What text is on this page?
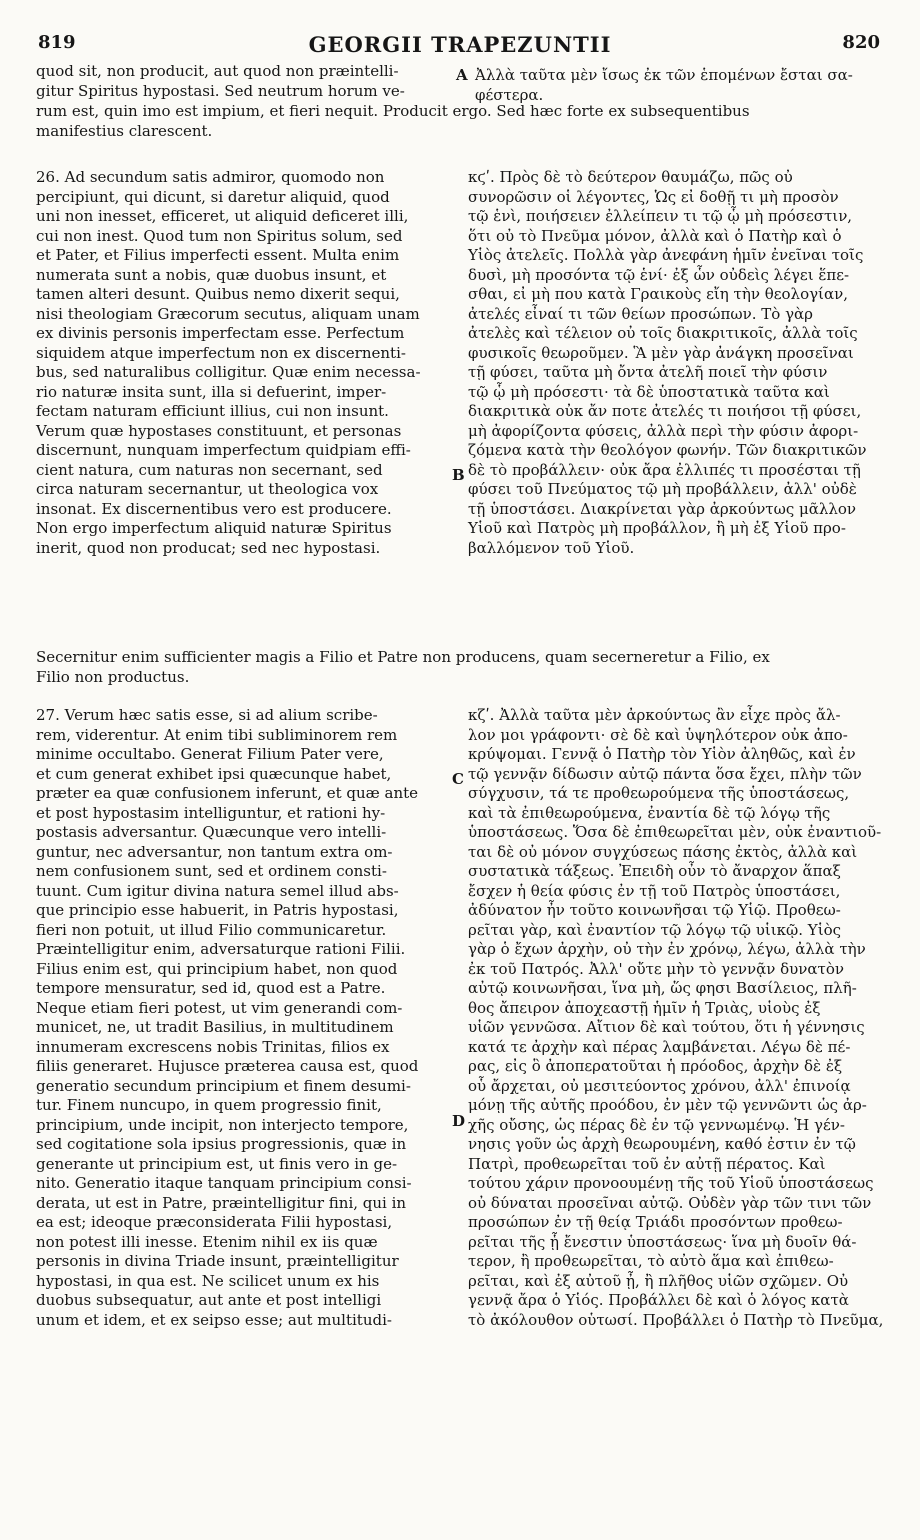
819	GEORGII TRAPEZUNTII	820
A
B
C
D
quod sit, non producit, aut quod non præintelli-
gitur Spiritus hypostasi. Sed neutrum horum ve-
Ἀλλὰ ταῦτα μὲν ἴσως ἐκ τῶν ἑπομένων ἔσται σα-
φέστερα.
rum est, quin imo est impium, et fieri nequit. Producit ergo. Sed hæc forte ex subsequentibus
manifestius clarescent.
26. Ad secundum satis admiror, quomodo non
percipiunt, qui dicunt, si daretur aliquid, quod
uni non inesset, efficeret, ut aliquid deficeret illi,
cui non inest. Quod tum non Spiritus solum, sed
et Pater, et Filius imperfecti essent. Multa enim
numerata sunt a nobis, quæ duobus insunt, et
tamen alteri desunt. Quibus nemo dixerit sequi,
nisi theologiam Græcorum secutus, aliquam unam
ex divinis personis imperfectam esse. Perfectum
siquidem atque imperfectum non ex discernenti-
bus, sed naturalibus colligitur. Quæ enim necessa-
rio naturæ insita sunt, illa si defuerint, imper-
fectam naturam efficiunt illius, cui non insunt.
Verum quæ hypostases constituunt, et personas
discernunt, nunquam imperfectum quidpiam effi-
cient natura, cum naturas non secernant, sed
circa naturam secernantur, ut theologica vox
insonat. Ex discernentibus vero est producere.
Non ergo imperfectum aliquid naturæ Spiritus
inerit, quod non producat; sed nec hypostasi.
κϛʹ. Πρὸς δὲ τὸ δεύτερον θαυμάζω, πῶς οὐ
συνορῶσιν οἱ λέγοντες, Ὡς εἰ δοθῇ τι μὴ προσὸν
τῷ ἑνὶ, ποιήσειεν ἐλλείπειν τι τῷ ᾧ μὴ πρόσεστιν,
ὅτι οὐ τὸ Πνεῦμα μόνον, ἀλλὰ καὶ ὁ Πατὴρ καὶ ὁ
Υἱὸς ἀτελεῖς. Πολλὰ γὰρ ἀνεφάνη ἡμῖν ἐνεῖναι τοῖς
δυσὶ, μὴ προσόντα τῷ ἑνί· ἐξ ὧν οὐδεὶς λέγει ἕπε-
σθαι, εἰ μὴ που κατὰ Γραικοὺς εἴη τὴν θεολογίαν,
ἀτελές εἶναί τι τῶν θείων προσώπων. Τὸ γὰρ
ἀτελὲς καὶ τέλειον οὐ τοῖς διακριτικοῖς, ἀλλὰ τοῖς
φυσικοῖς θεωροῦμεν. Ἃ μὲν γὰρ ἀνάγκη προσεῖναι
τῇ φύσει, ταῦτα μὴ ὄντα ἀτελῆ ποιεῖ τὴν φύσιν
τῷ ᾧ μὴ πρόσεστι· τὰ δὲ ὑποστατικὰ ταῦτα καὶ
διακριτικὰ οὐκ ἄν ποτε ἀτελές τι ποιήσοι τῇ φύσει,
μὴ ἀφορίζοντα φύσεις, ἀλλὰ περὶ τὴν φύσιν ἀφορι-
ζόμενα κατὰ τὴν θεολόγον φωνήν. Τῶν διακριτικῶν
δὲ τὸ προβάλλειν· οὐκ ἄρα ἐλλιπές τι προσέσται τῇ
φύσει τοῦ Πνεύματος τῷ μὴ προβάλλειν, ἀλλ' οὐδὲ
τῇ ὑποστάσει. Διακρίνεται γὰρ ἀρκούντως μᾶλλον
Υἱοῦ καὶ Πατρὸς μὴ προβάλλον, ἢ μὴ ἐξ Υἱοῦ προ-
βαλλόμενον τοῦ Υἱοῦ.
Secernitur enim sufficienter magis a Filio et Patre non producens, quam secerneretur a Filio, ex
Filio non productus.
27. Verum hæc satis esse, si ad alium scribe-
rem, viderentur. At enim tibi subliminorem rem
minime occultabo. Generat Filium Pater vere,
et cum generat exhibet ipsi quæcunque habet,
præter ea quæ confusionem inferunt, et quæ ante
et post hypostasim intelliguntur, et rationi hy-
postasis adversantur. Quæcunque vero intelli-
guntur, nec adversantur, non tantum extra om-
nem confusionem sunt, sed et ordinem consti-
tuunt. Cum igitur divina natura semel illud abs-
que principio esse habuerit, in Patris hypostasi,
fieri non potuit, ut illud Filio communicaretur.
Præintelligitur enim, adversaturque rationi Filii.
Filius enim est, qui principium habet, non quod
tempore mensuratur, sed id, quod est a Patre.
Neque etiam fieri potest, ut vim generandi com-
municet, ne, ut tradit Basilius, in multitudinem
innumeram excrescens nobis Trinitas, filios ex
filiis generaret. Hujusce præterea causa est, quod
generatio secundum principium et finem desumi-
tur. Finem nuncupo, in quem progressio finit,
principium, unde incipit, non interjecto tempore,
sed cogitatione sola ipsius progressionis, quæ in
generante ut principium est, ut finis vero in ge-
nito. Generatio itaque tanquam principium consi-
derata, ut est in Patre, præintelligitur fini, qui in
ea est; ideoque præconsiderata Filii hypostasi,
non potest illi inesse. Etenim nihil ex iis quæ
personis in divina Triade insunt, præintelligitur
hypostasi, in qua est. Ne scilicet unum ex his
duobus subsequatur, aut ante et post intelligi
unum et idem, et ex seipso esse; aut multitudi-
κζʹ. Ἀλλὰ ταῦτα μὲν ἀρκούντως ἂν εἶχε πρὸς ἄλ-
λον μοι γράφοντι· σὲ δὲ καὶ ὑψηλότερον οὐκ ἀπο-
κρύψομαι. Γεννᾷ ὁ Πατὴρ τὸν Υἱὸν ἀληθῶς, καὶ ἐν
τῷ γεννᾷν δίδωσιν αὐτῷ πάντα ὅσα ἔχει, πλὴν τῶν
σύγχυσιν, τά τε προθεωρούμενα τῆς ὑποστάσεως,
καὶ τὰ ἐπιθεωρούμενα, ἐναντία δὲ τῷ λόγῳ τῆς
ὑποστάσεως. Ὅσα δὲ ἐπιθεωρεῖται μὲν, οὐκ ἐναντιοῦ-
ται δὲ οὐ μόνον συγχύσεως πάσης ἐκτὸς, ἀλλὰ καὶ
συστατικὰ τάξεως. Ἐπειδὴ οὖν τὸ ἄναρχον ἅπαξ
ἔσχεν ἡ θεία φύσις ἐν τῇ τοῦ Πατρὸς ὑποστάσει,
ἀδύνατον ἦν τοῦτο κοινωνῆσαι τῷ Υἱῷ. Προθεω-
ρεῖται γὰρ, καὶ ἐναντίον τῷ λόγῳ τῷ υἱικῷ. Υἱὸς
γὰρ ὁ ἔχων ἀρχὴν, οὐ τὴν ἐν χρόνῳ, λέγω, ἀλλὰ τὴν
ἐκ τοῦ Πατρός. Ἀλλ' οὔτε μὴν τὸ γεννᾷν δυνατὸν
αὐτῷ κοινωνῆσαι, ἵνα μὴ, ὥς φησι Βασίλειος, πλῆ-
θος ἄπειρον ἀποχεαστῇ ἡμῖν ἡ Τριὰς, υἱοὺς ἐξ
υἱῶν γεννῶσα. Αἴτιον δὲ καὶ τούτου, ὅτι ἡ γέννησις
κατά τε ἀρχὴν καὶ πέρας λαμβάνεται. Λέγω δὲ πέ-
ρας, εἰς ὃ ἀποπερατοῦται ἡ πρόοδος, ἀρχὴν δὲ ἐξ
οὗ ἄρχεται, οὐ μεσιτεύοντος χρόνου, ἀλλ' ἐπινοίᾳ
μόνῃ τῆς αὐτῆς προόδου, ἐν μὲν τῷ γεννῶντι ὡς ἀρ-
χῆς οὔσης, ὡς πέρας δὲ ἐν τῷ γεννωμένῳ. Ἡ γέν-
νησις γοῦν ὡς ἀρχὴ θεωρουμένη, καθό ἐστιν ἐν τῷ
Πατρὶ, προθεωρεῖται τοῦ ἐν αὐτῇ πέρατος. Καὶ
τούτου χάριν προνοουμένῃ τῆς τοῦ Υἱοῦ ὑποστάσεως
οὐ δύναται προσεῖναι αὐτῷ. Οὐδὲν γὰρ τῶν τινι τῶν
προσώπων ἐν τῇ θείᾳ Τριάδι προσόντων προθεω-
ρεῖται τῆς ᾗ ἔνεστιν ὑποστάσεως· ἵνα μὴ δυοῖν θά-
τερον, ἢ προθεωρεῖται, τὸ αὐτὸ ἅμα καὶ ἐπιθεω-
ρεῖται, καὶ ἐξ αὐτοῦ ᾖ, ἢ πλῆθος υἱῶν σχῶμεν. Οὐ
γεννᾷ ἄρα ὁ Υἱός. Προβάλλει δὲ καὶ ὁ λόγος κατὰ
τὸ ἀκόλουθον οὑτωσί. Προβάλλει ὁ Πατὴρ τὸ Πνεῦμα,
